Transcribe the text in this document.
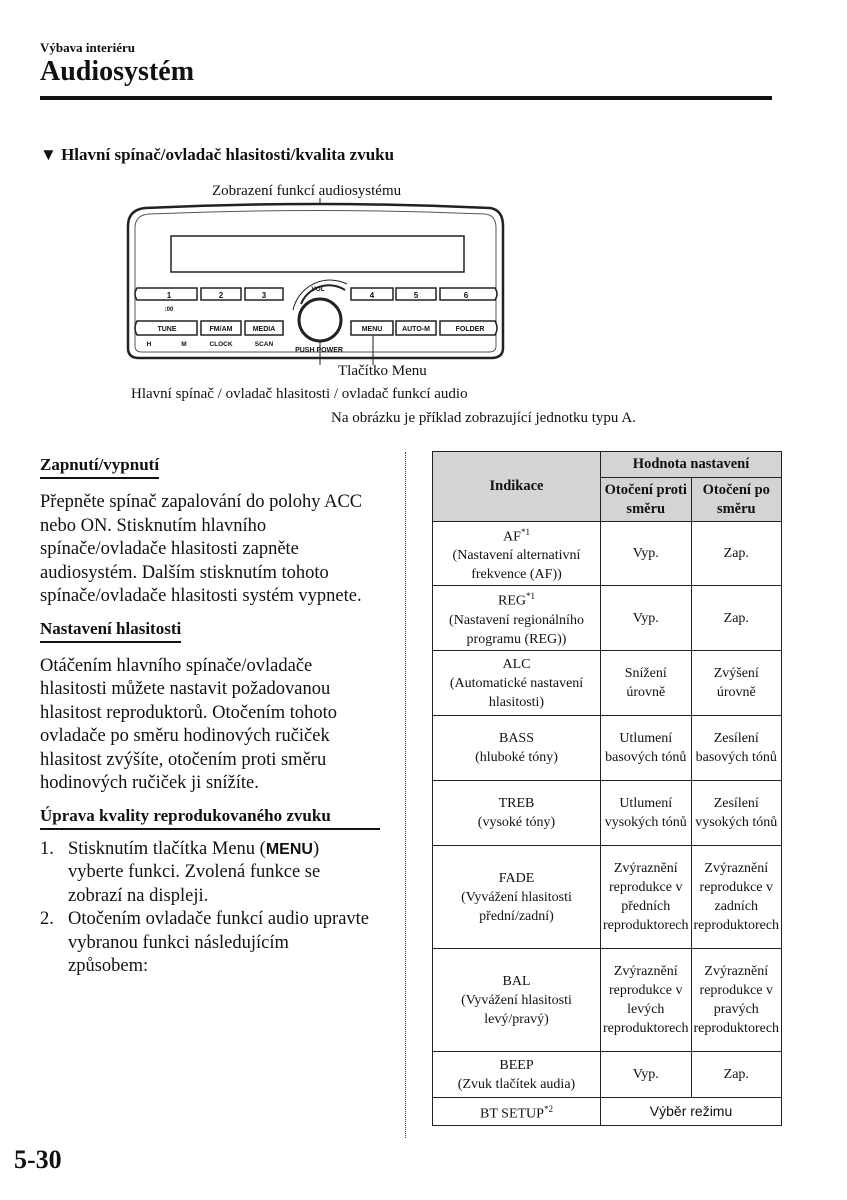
Výbava interiéru
Audiosystém
▼ Hlavní spínač/ovladač hlasitosti/kvalita zvuku
Zobrazení funkcí audiosystému
1
:00
2	3	4	5	6
VOL
TUNE
H	M
FM/AM
CLOCK
MEDIA
SCAN
PUSH POWER
MENU	AUTO-M	FOLDER
Tlačítko Menu
Hlavní spínač / ovladač hlasitosti / ovladač funkcí audio
Na obrázku je příklad zobrazující jednotku typu A.
Zapnutí/vypnutí

Přepněte spínač zapalování do polohy ACC nebo ON. Stisknutím hlavního spínače/ovladače hlasitosti zapněte audiosystém. Dalším stisknutím tohoto spínače/ovladače hlasitosti systém vypnete.

Nastavení hlasitosti

Otáčením hlavního spínače/ovladače hlasitosti můžete nastavit požadovanou hlasitost reproduktorů. Otočením tohoto ovladače po směru hodinových ručiček hlasitost zvýšíte, otočením proti směru hodinových ručiček ji snížíte.

Úprava kvality reprodukovaného zvuku
1. Stisknutím tlačítka Menu (MENU) vyberte funkci. Zvolená funkce se zobrazí na displeji.
2. Otočením ovladače funkcí audio upravte vybranou funkci následujícím způsobem:
Indikace	Hodnota nastavení	
	Otočení proti směru	Otočení po směru
AF$^{*1}$
(Nastavení alternativní frekvence (AF))	Vyp.	Zap.
REG$^{*1}$
(Nastavení regionálního programu (REG))	Vyp.	Zap.
ALC
(Automatické nastavení hlasitosti)	Snížení úrovně	Zvýšení úrovně
BASS
(hluboké tóny)	Utlumení basových tónů	Zesílení basových tónů
TREB
(vysoké tóny)	Utlumení vysokých tónů	Zesílení vysokých tónů
FADE
(Vyvážení hlasitosti přední/zadní)	Zvýraznění reprodukce v předních reproduktorech	Zvýraznění reprodukce v zadních reproduktorech
BAL
(Vyvážení hlasitosti levý/pravý)	Zvýraznění reprodukce v levých reproduktorech	Zvýraznění reprodukce v pravých reproduktorech
BEEP
(Zvuk tlačítek audia)	Vyp.	Zap.
BT SETUP$^{*2}$	Výběr režimu	
5-30
